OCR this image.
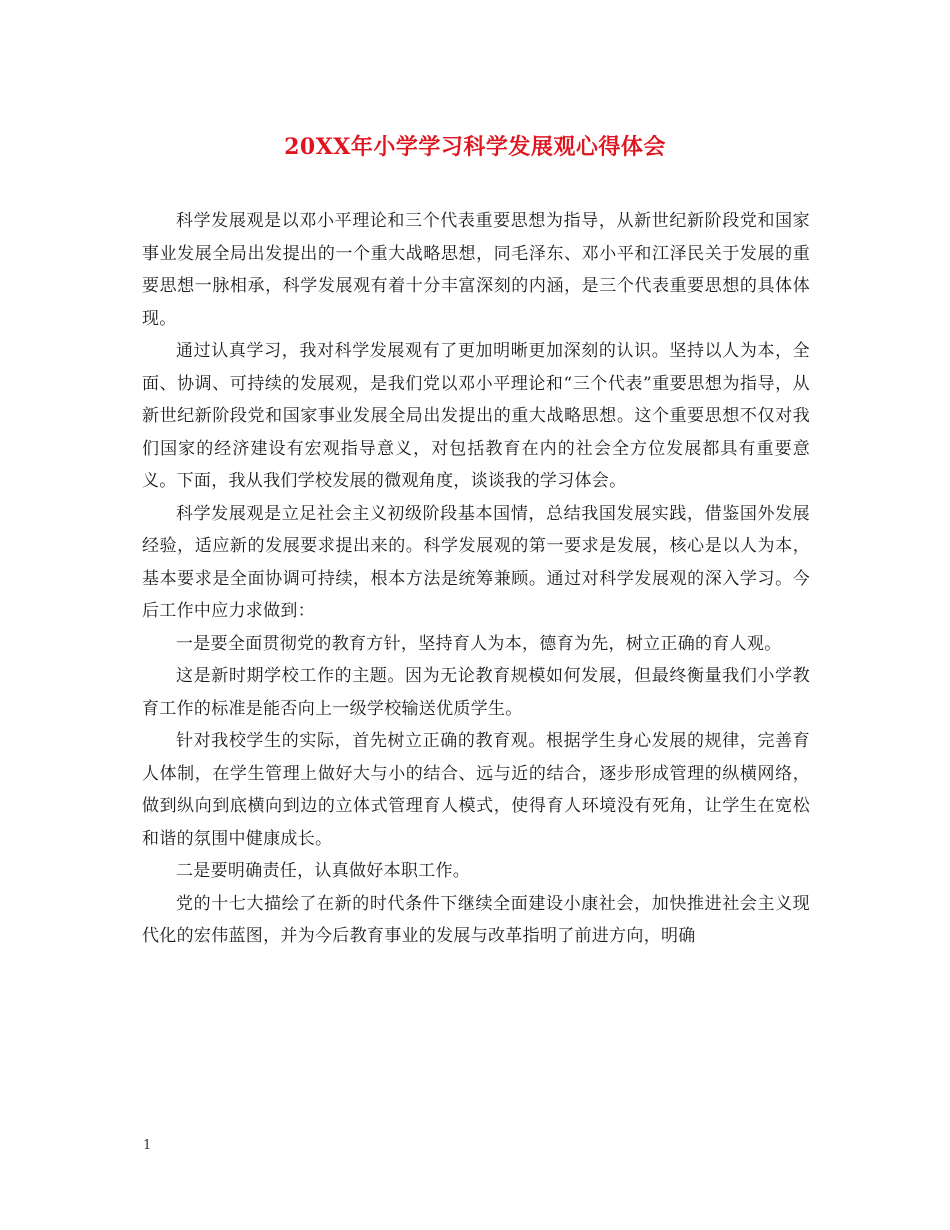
20XX年小学学习科学发展观心得体会

科学发展观是以邓小平理论和三个代表重要思想为指导，从新世纪新阶段党和国家事业发展全局出发提出的一个重大战略思想，同毛泽东、邓小平和江泽民关于发展的重要思想一脉相承，科学发展观有着十分丰富深刻的内涵，是三个代表重要思想的具体体现。

通过认真学习，我对科学发展观有了更加明晰更加深刻的认识。坚持以人为本，全面、协调、可持续的发展观，是我们党以邓小平理论和“三个代表”重要思想为指导，从新世纪新阶段党和国家事业发展全局出发提出的重大战略思想。这个重要思想不仅对我们国家的经济建设有宏观指导意义，对包括教育在内的社会全方位发展都具有重要意义。下面，我从我们学校发展的微观角度，谈谈我的学习体会。

科学发展观是立足社会主义初级阶段基本国情，总结我国发展实践，借鉴国外发展经验，适应新的发展要求提出来的。科学发展观的第一要求是发展，核心是以人为本，基本要求是全面协调可持续，根本方法是统筹兼顾。通过对科学发展观的深入学习。今后工作中应力求做到：

一是要全面贯彻党的教育方针，坚持育人为本，德育为先，树立正确的育人观。

这是新时期学校工作的主题。因为无论教育规模如何发展，但最终衡量我们小学教育工作的标准是能否向上一级学校输送优质学生。

针对我校学生的实际，首先树立正确的教育观。根据学生身心发展的规律，完善育人体制，在学生管理上做好大与小的结合、远与近的结合，逐步形成管理的纵横网络，做到纵向到底横向到边的立体式管理育人模式，使得育人环境没有死角，让学生在宽松和谐的氛围中健康成长。

二是要明确责任，认真做好本职工作。

党的十七大描绘了在新的时代条件下继续全面建设小康社会，加快推进社会主义现代化的宏伟蓝图，并为今后教育事业的发展与改革指明了前进方向，明确

1
